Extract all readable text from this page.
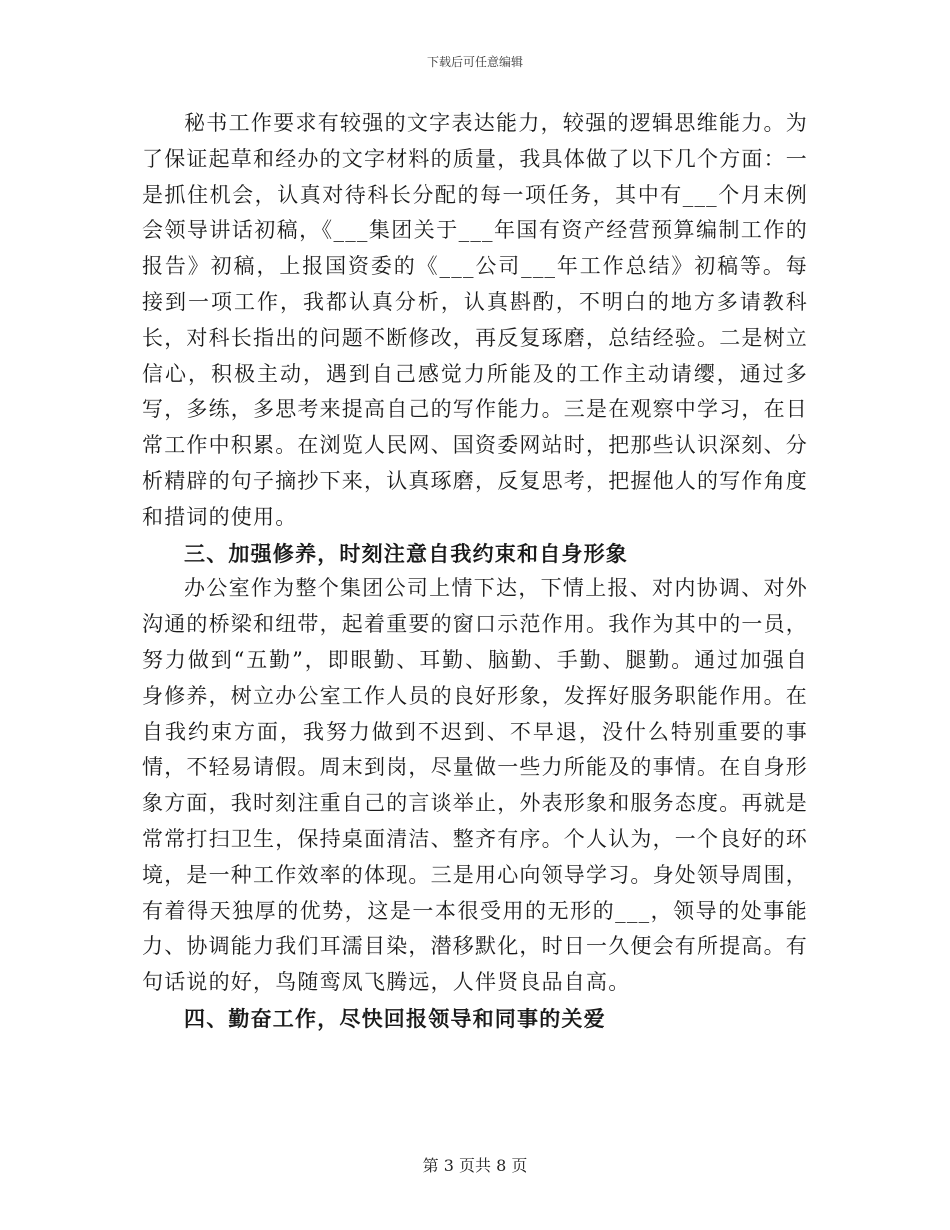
下载后可任意编辑

秘书工作要求有较强的文字表达能力，较强的逻辑思维能力。为了保证起草和经办的文字材料的质量，我具体做了以下几个方面：一是抓住机会，认真对待科长分配的每一项任务，其中有___个月末例会领导讲话初稿，《___集团关于___年国有资产经营预算编制工作的报告》初稿，上报国资委的《___公司___年工作总结》初稿等。每接到一项工作，我都认真分析，认真斟酌，不明白的地方多请教科长，对科长指出的问题不断修改，再反复琢磨，总结经验。二是树立信心，积极主动，遇到自己感觉力所能及的工作主动请缨，通过多写，多练，多思考来提高自己的写作能力。三是在观察中学习，在日常工作中积累。在浏览人民网、国资委网站时，把那些认识深刻、分析精辟的句子摘抄下来，认真琢磨，反复思考，把握他人的写作角度和措词的使用。

三、加强修养，时刻注意自我约束和自身形象

办公室作为整个集团公司上情下达，下情上报、对内协调、对外沟通的桥梁和纽带，起着重要的窗口示范作用。我作为其中的一员，努力做到“五勤”，即眼勤、耳勤、脑勤、手勤、腿勤。通过加强自身修养，树立办公室工作人员的良好形象，发挥好服务职能作用。在自我约束方面，我努力做到不迟到、不早退，没什么特别重要的事情，不轻易请假。周末到岗，尽量做一些力所能及的事情。在自身形象方面，我时刻注重自己的言谈举止，外表形象和服务态度。再就是常常打扫卫生，保持桌面清洁、整齐有序。个人认为，一个良好的环境，是一种工作效率的体现。三是用心向领导学习。身处领导周围，有着得天独厚的优势，这是一本很受用的无形的___，领导的处事能力、协调能力我们耳濡目染，潜移默化，时日一久便会有所提高。有句话说的好，鸟随鸾凤飞腾远，人伴贤良品自高。

四、勤奋工作，尽快回报领导和同事的关爱

第 3 页共 8 页
